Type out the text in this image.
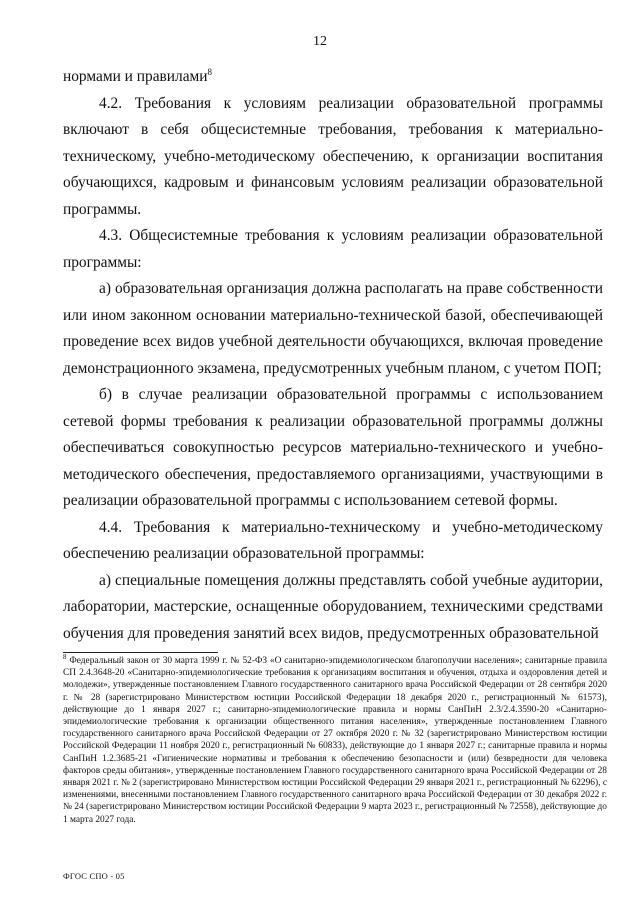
12

нормами и правилами$^8$

4.2. Требования к условиям реализации образовательной программы включают в себя общесистемные требования, требования к материально-техническому, учебно-методическому обеспечению, к организации воспитания обучающихся, кадровым и финансовым условиям реализации образовательной программы.

4.3. Общесистемные требования к условиям реализации образовательной программы:

а) образовательная организация должна располагать на праве собственности или ином законном основании материально-технической базой, обеспечивающей проведение всех видов учебной деятельности обучающихся, включая проведение демонстрационного экзамена, предусмотренных учебным планом, с учетом ПОП;

б) в случае реализации образовательной программы с использованием сетевой формы требования к реализации образовательной программы должны обеспечиваться совокупностью ресурсов материально-технического и учебно-методического обеспечения, предоставляемого организациями, участвующими в реализации образовательной программы с использованием сетевой формы.

4.4. Требования к материально-техническому и учебно-методическому обеспечению реализации образовательной программы:

а) специальные помещения должны представлять собой учебные аудитории, лаборатории, мастерские, оснащенные оборудованием, техническими средствами обучения для проведения занятий всех видов, предусмотренных образовательной

$^8$ Федеральный закон от 30 марта 1999 г. № 52-ФЗ «О санитарно-эпидемиологическом благополучии населения»; санитарные правила СП 2.4.3648-20 «Санитарно-эпидемиологические требования к организациям воспитания и обучения, отдыха и оздоровления детей и молодежи», утвержденные постановлением Главного государственного санитарного врача Российской Федерации от 28 сентября 2020 г. № 28 (зарегистрировано Министерством юстиции Российской Федерации 18 декабря 2020 г., регистрационный № 61573), действующие до 1 января 2027 г.; санитарно-эпидемиологические правила и нормы СанПиН 2.3/2.4.3590-20 «Санитарно-эпидемиологические требования к организации общественного питания населения», утвержденные постановлением Главного государственного санитарного врача Российской Федерации от 27 октября 2020 г. № 32 (зарегистрировано Министерством юстиции Российской Федерации 11 ноября 2020 г., регистрационный № 60833), действующие до 1 января 2027 г.; санитарные правила и нормы СанПиН 1.2.3685-21 «Гигиенические нормативы и требования к обеспечению безопасности и (или) безвредности для человека факторов среды обитания», утвержденные постановлением Главного государственного санитарного врача Российской Федерации от 28 января 2021 г. № 2 (зарегистрировано Министерством юстиции Российской Федерации 29 января 2021 г., регистрационный № 62296), с изменениями, внесенными постановлением Главного государственного санитарного врача Российской Федерации от 30 декабря 2022 г. № 24 (зарегистрировано Министерством юстиции Российской Федерации 9 марта 2023 г., регистрационный № 72558), действующие до 1 марта 2027 года.

ФГОС СПО - 05
